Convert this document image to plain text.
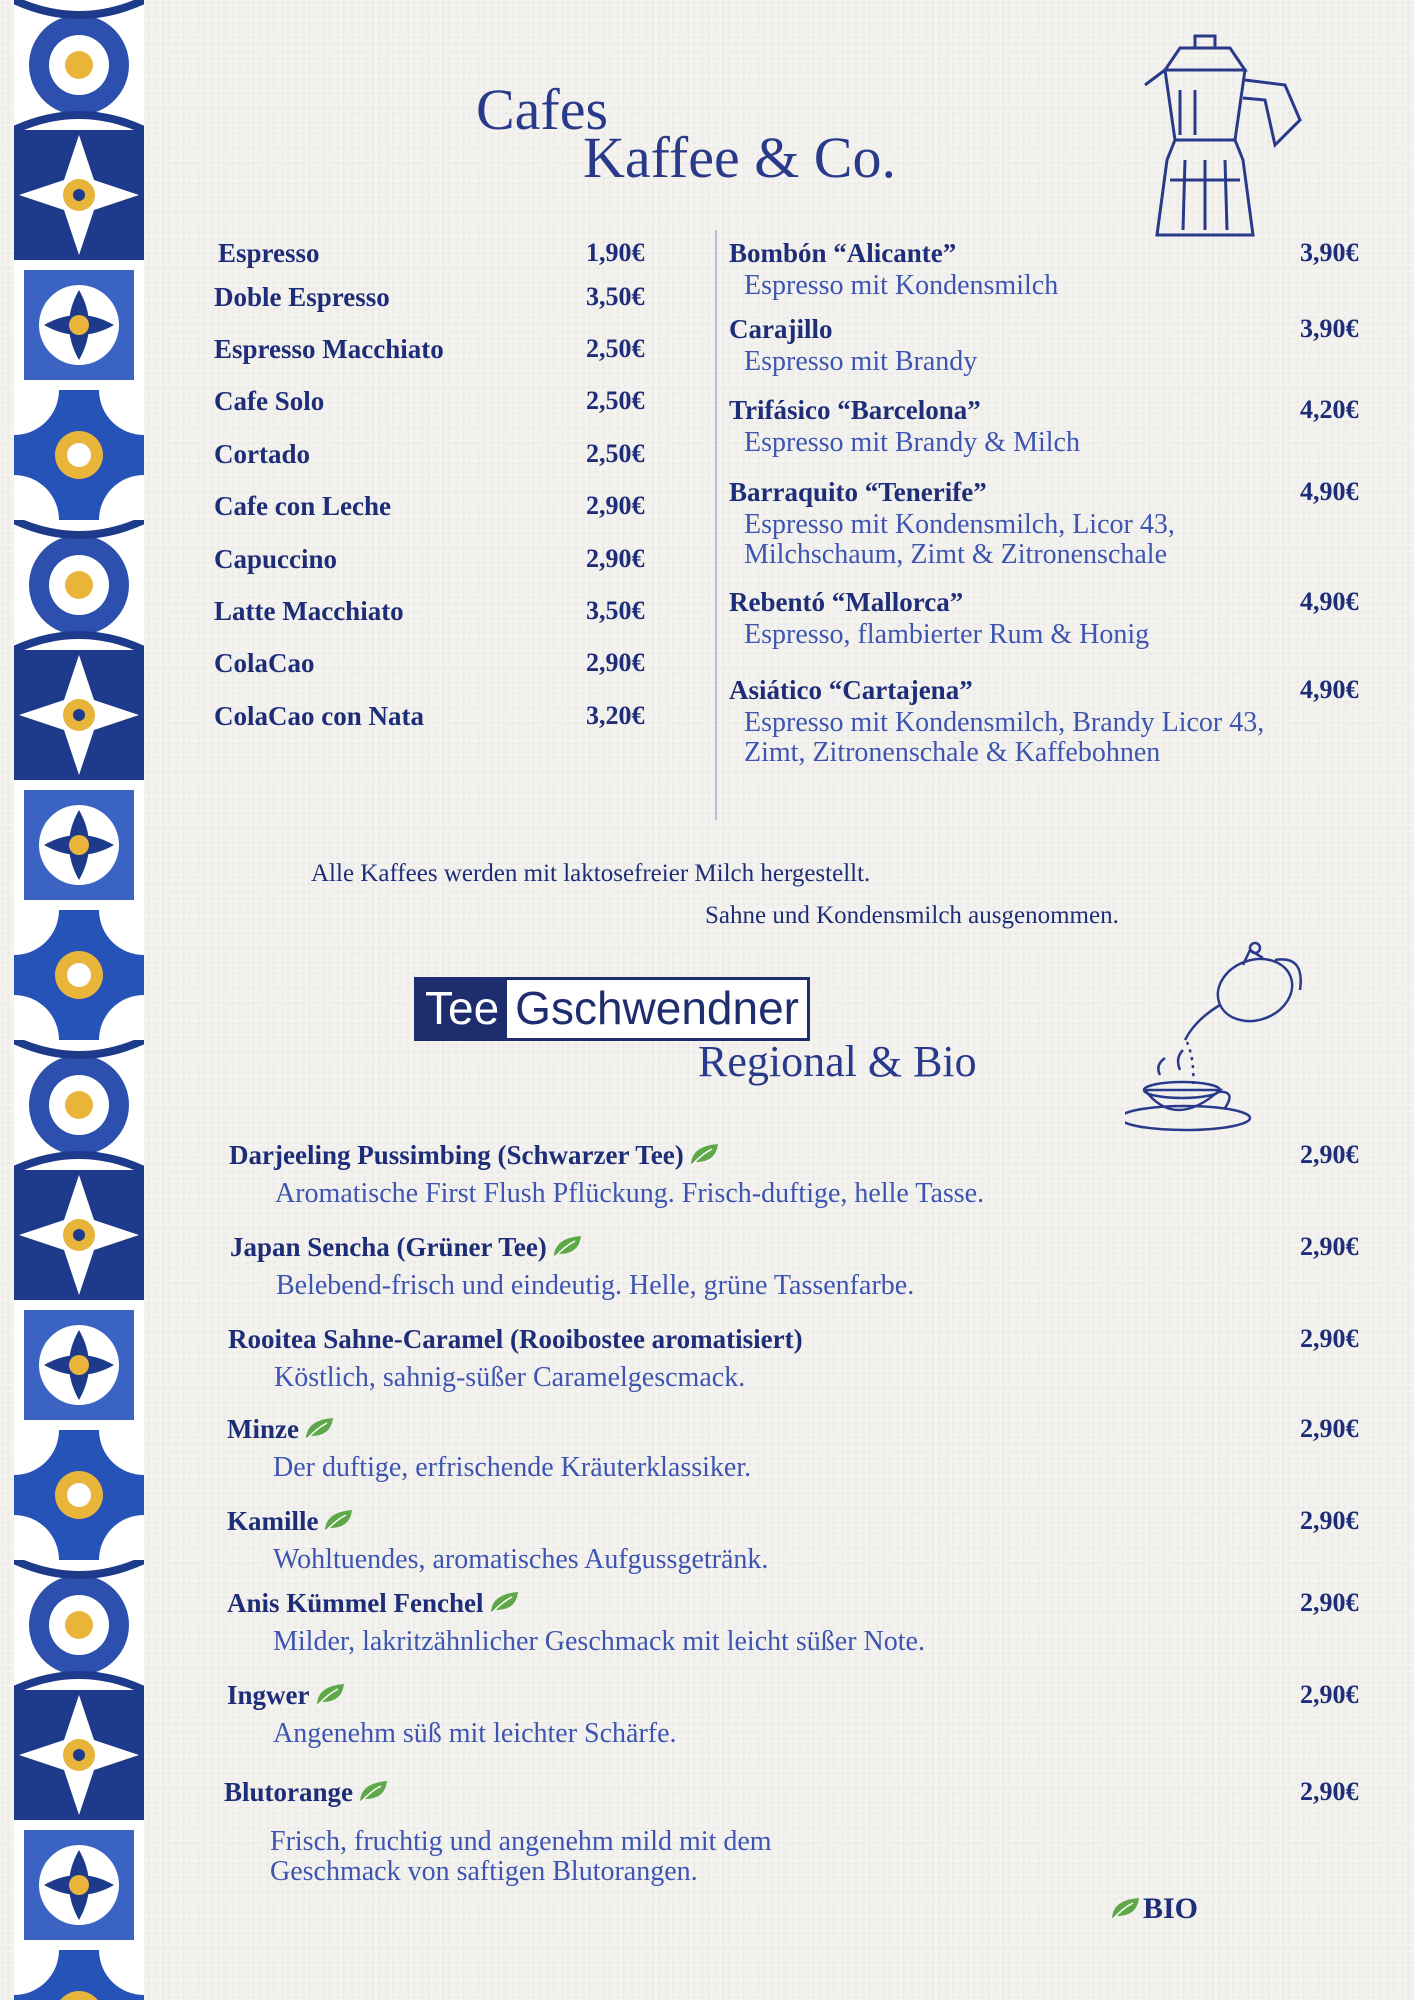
Cafes
Kaffee & Co.
Espresso	1,90€
Doble Espresso	3,50€
Espresso Macchiato	2,50€
Cafe Solo	2,50€
Cortado	2,50€
Cafe con Leche	2,90€
Capuccino	2,90€
Latte Macchiato	3,50€
ColaCao	2,90€
ColaCao con Nata	3,20€
Bombón “Alicante”	3,90€
Espresso mit Kondensmilch
Carajillo	3,90€
Espresso mit Brandy
Trifásico “Barcelona”	4,20€
Espresso mit Brandy & Milch
Barraquito “Tenerife”	4,90€
Espresso mit Kondensmilch, Licor 43, Milchschaum, Zimt & Zitronenschale
Rebentó “Mallorca”	4,90€
Espresso, flambierter Rum & Honig
Asiático “Cartajena”	4,90€
Espresso mit Kondensmilch, Brandy Licor 43, Zimt, Zitronenschale & Kaffebohnen
Alle Kaffees werden mit laktosefreier Milch hergestellt.
Sahne und Kondensmilch ausgenommen.
Tee Gschwendner
Regional & Bio
Darjeeling Pussimbing (Schwarzer Tee)	2,90€
Aromatische First Flush Pflückung. Frisch-duftige, helle Tasse.
Japan Sencha (Grüner Tee)	2,90€
Belebend-frisch und eindeutig. Helle, grüne Tassenfarbe.
Rooitea Sahne-Caramel (Rooibostee aromatisiert)	2,90€
Köstlich, sahnig-süßer Caramelgescmack.
Minze	2,90€
Der duftige, erfrischende Kräuterklassiker.
Kamille	2,90€
Wohltuendes, aromatisches Aufgussgetränk.
Anis Kümmel Fenchel	2,90€
Milder, lakritzähnlicher Geschmack mit leicht süßer Note.
Ingwer	2,90€
Angenehm süß mit leichter Schärfe.
Blutorange	2,90€
Frisch, fruchtig und angenehm mild mit dem
Geschmack von saftigen Blutorangen.
BIO
